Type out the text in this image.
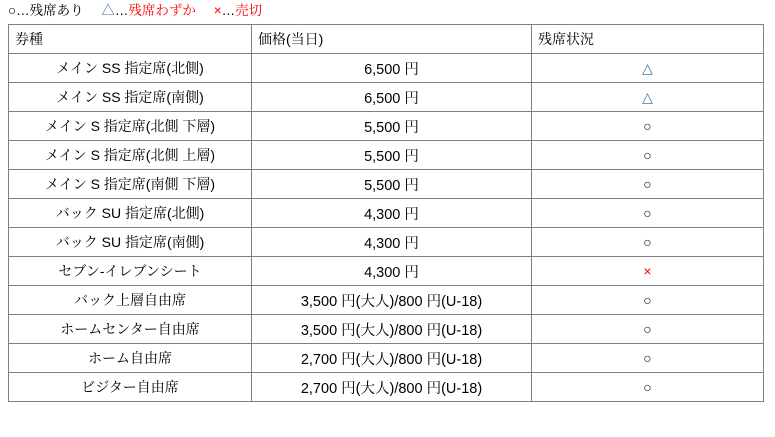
○…残席あり △…残席わずか ×…売切
券種	価格(当日)	残席状況
メイン SS 指定席(北側)	6,500 円	△
メイン SS 指定席(南側)	6,500 円	△
メイン S 指定席(北側 下層)	5,500 円	○
メイン S 指定席(北側 上層)	5,500 円	○
メイン S 指定席(南側 下層)	5,500 円	○
バック SU 指定席(北側)	4,300 円	○
バック SU 指定席(南側)	4,300 円	○
セブン-イレブンシート	4,300 円	×
バック上層自由席	3,500 円(大人)/800 円(U-18)	○
ホームセンター自由席	3,500 円(大人)/800 円(U-18)	○
ホーム自由席	2,700 円(大人)/800 円(U-18)	○
ビジター自由席	2,700 円(大人)/800 円(U-18)	○
